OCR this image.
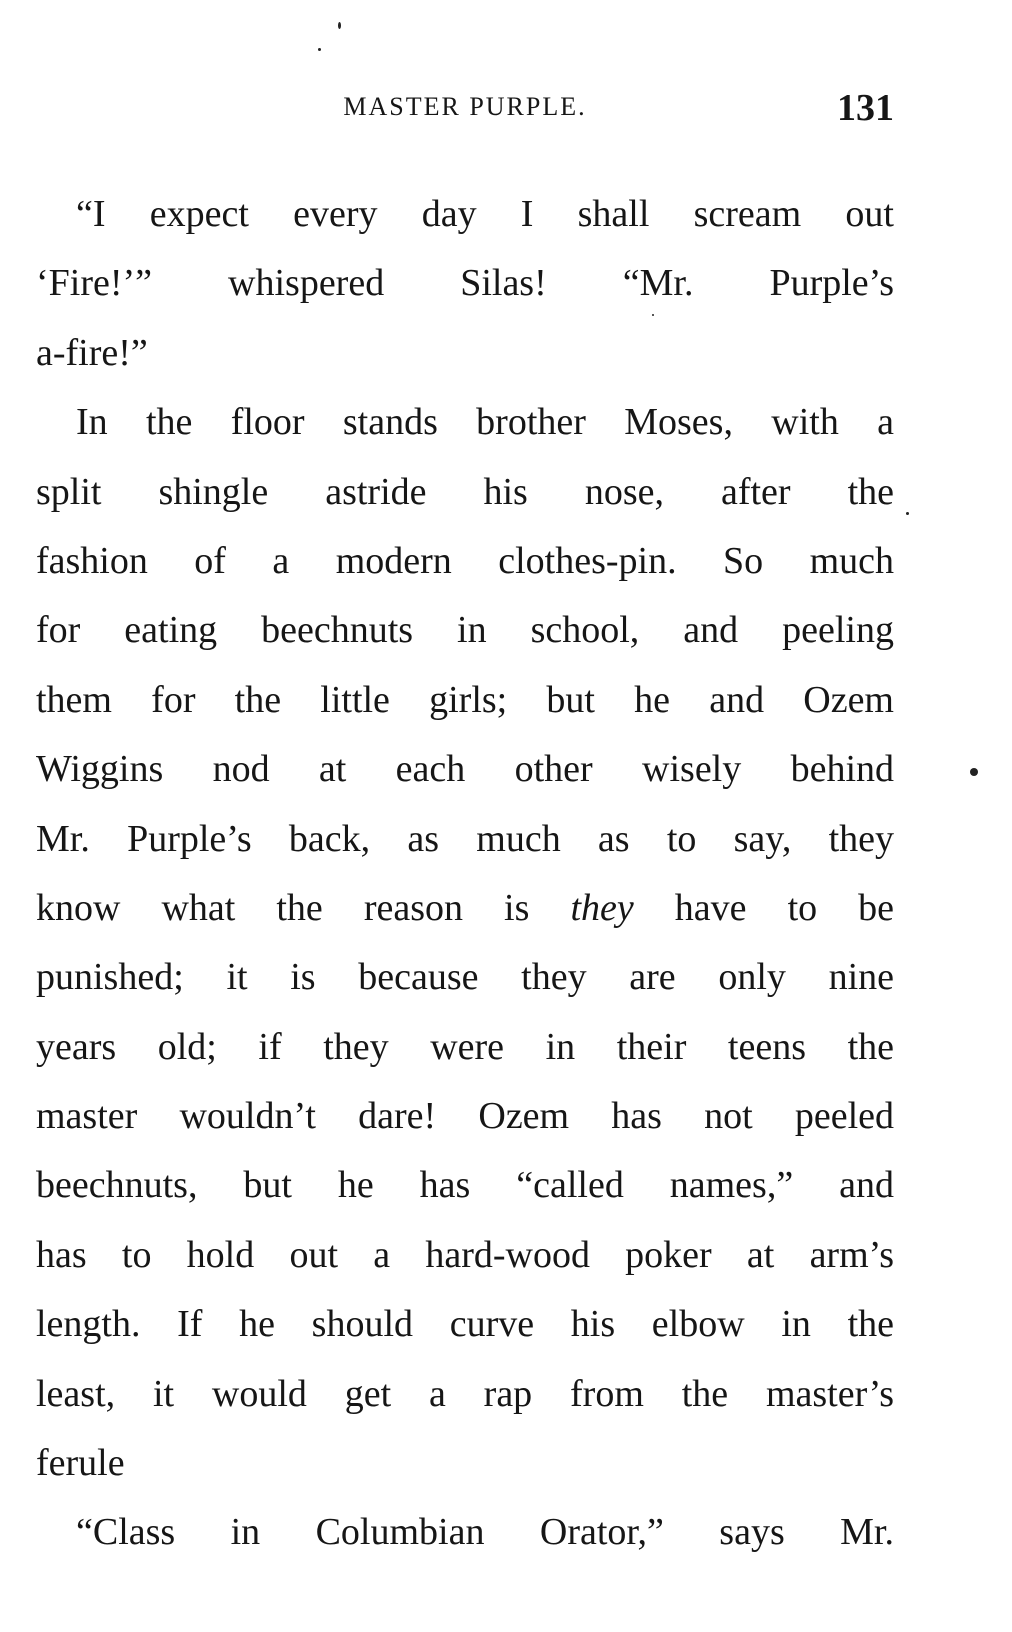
MASTER PURPLE.	131
“I expect every day I shall scream out
‘Fire!’” whispered Silas! “Mr. Purple’s
a-fire!”
In the floor stands brother Moses, with a
split shingle astride his nose, after the
fashion of a modern clothes-pin. So much
for eating beechnuts in school, and peeling
them for the little girls; but he and Ozem
Wiggins nod at each other wisely behind
Mr. Purple’s back, as much as to say, they
know what the reason is they have to be
punished; it is because they are only nine
years old; if they were in their teens the
master wouldn’t dare! Ozem has not peeled
beechnuts, but he has “called names,” and
has to hold out a hard-wood poker at arm’s
length. If he should curve his elbow in the
least, it would get a rap from the master’s
ferule
“Class in Columbian Orator,” says Mr.
